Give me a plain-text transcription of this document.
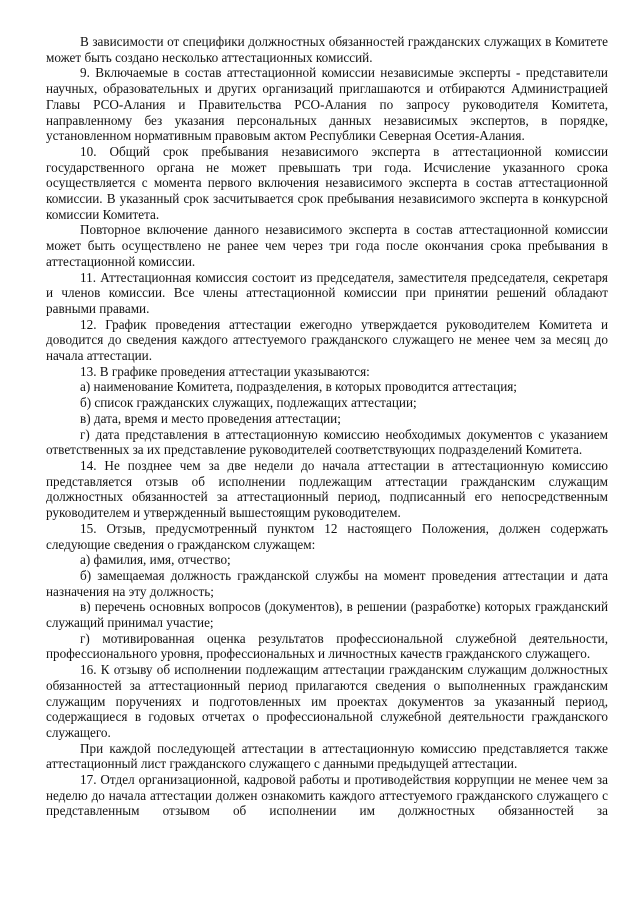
В зависимости от специфики должностных обязанностей гражданских служащих в Комитете может быть создано несколько аттестационных комиссий.

9. Включаемые в состав аттестационной комиссии независимые эксперты - представители научных, образовательных и других организаций приглашаются и отбираются Администрацией Главы РСО-Алания и Правительства РСО-Алания по запросу руководителя Комитета, направленному без указания персональных данных независимых экспертов, в порядке, установленном нормативным правовым актом Республики Северная Осетия-Алания.

10. Общий срок пребывания независимого эксперта в аттестационной комиссии государственного органа не может превышать три года. Исчисление указанного срока осуществляется с момента первого включения независимого эксперта в состав аттестационной комиссии. В указанный срок засчитывается срок пребывания независимого эксперта в конкурсной комиссии Комитета.

Повторное включение данного независимого эксперта в состав аттестационной комиссии может быть осуществлено не ранее чем через три года после окончания срока пребывания в аттестационной комиссии.

11. Аттестационная комиссия состоит из председателя, заместителя председателя, секретаря и членов комиссии. Все члены аттестационной комиссии при принятии решений обладают равными правами.

12. График проведения аттестации ежегодно утверждается руководителем Комитета и доводится до сведения каждого аттестуемого гражданского служащего не менее чем за месяц до начала аттестации.

13. В графике проведения аттестации указываются:

а) наименование Комитета, подразделения, в которых проводится аттестация;

б) список гражданских служащих, подлежащих аттестации;

в) дата, время и место проведения аттестации;

г) дата представления в аттестационную комиссию необходимых документов с указанием ответственных за их представление руководителей соответствующих подразделений Комитета.

14. Не позднее чем за две недели до начала аттестации в аттестационную комиссию представляется отзыв об исполнении подлежащим аттестации гражданским служащим должностных обязанностей за аттестационный период, подписанный его непосредственным руководителем и утвержденный вышестоящим руководителем.

15. Отзыв, предусмотренный пунктом 12 настоящего Положения, должен содержать следующие сведения о гражданском служащем:

а) фамилия, имя, отчество;

б) замещаемая должность гражданской службы на момент проведения аттестации и дата назначения на эту должность;

в) перечень основных вопросов (документов), в решении (разработке) которых гражданский служащий принимал участие;

г) мотивированная оценка результатов профессиональной служебной деятельности, профессионального уровня, профессиональных и личностных качеств гражданского служащего.

16. К отзыву об исполнении подлежащим аттестации гражданским служащим должностных обязанностей за аттестационный период прилагаются сведения о выполненных гражданским служащим поручениях и подготовленных им проектах документов за указанный период, содержащиеся в годовых отчетах о профессиональной служебной деятельности гражданского служащего.

При каждой последующей аттестации в аттестационную комиссию представляется также аттестационный лист гражданского служащего с данными предыдущей аттестации.

17. Отдел организационной, кадровой работы и противодействия коррупции не менее чем за неделю до начала аттестации должен ознакомить каждого аттестуемого гражданского служащего с представленным отзывом об исполнении им должностных обязанностей за
